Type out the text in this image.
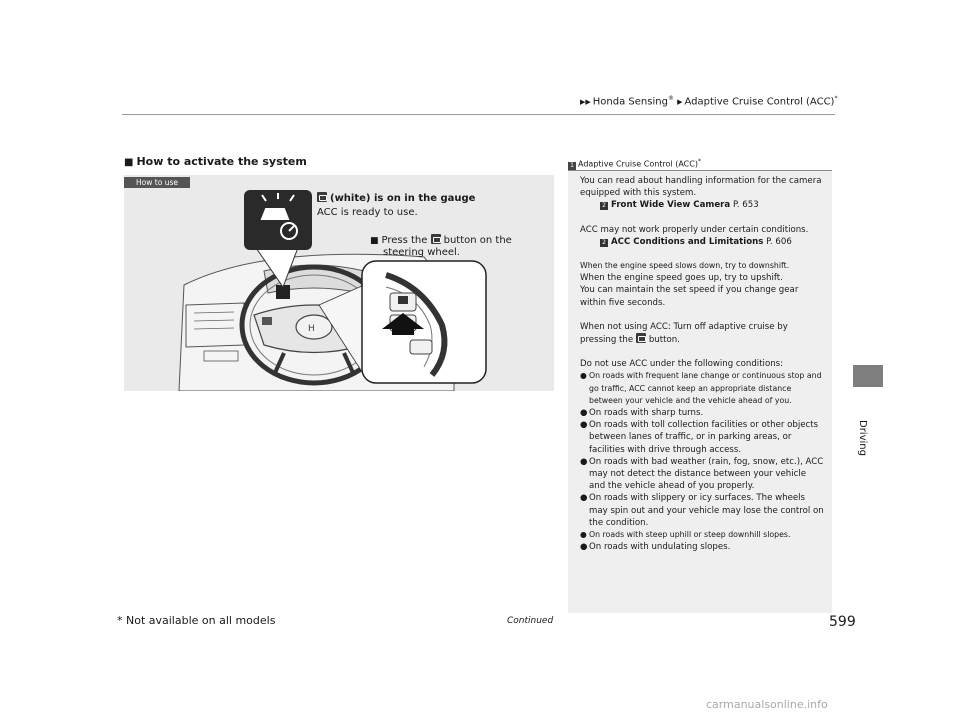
▶▶ Honda Sensing® ▶ Adaptive Cruise Control (ACC)*
Driving
■ How to activate the system
How to use
H
(white) is on in the gauge
ACC is ready to use.
■ Press the button on the
steering wheel.
1 Adaptive Cruise Control (ACC)*

You can read about handling information for the camera equipped with this system.

2 Front Wide View Camera P. 653

ACC may not work properly under certain conditions.

2 ACC Conditions and Limitations P. 606

When the engine speed slows down, try to downshift.

When the engine speed goes up, try to upshift.

You can maintain the set speed if you change gear within five seconds.

When not using ACC: Turn off adaptive cruise by pressing the button.

Do not use ACC under the following conditions:

● On roads with frequent lane change or continuous stop and go traffic, ACC cannot keep an appropriate distance between your vehicle and the vehicle ahead of you.

● On roads with sharp turns.

● On roads with toll collection facilities or other objects between lanes of traffic, or in parking areas, or facilities with drive through access.

● On roads with bad weather (rain, fog, snow, etc.), ACC may not detect the distance between your vehicle and the vehicle ahead of you properly.

● On roads with slippery or icy surfaces. The wheels may spin out and your vehicle may lose the control on the condition.

● On roads with steep uphill or steep downhill slopes.

● On roads with undulating slopes.

* Not available on all models	Continued	599
carmanualsonline.info
